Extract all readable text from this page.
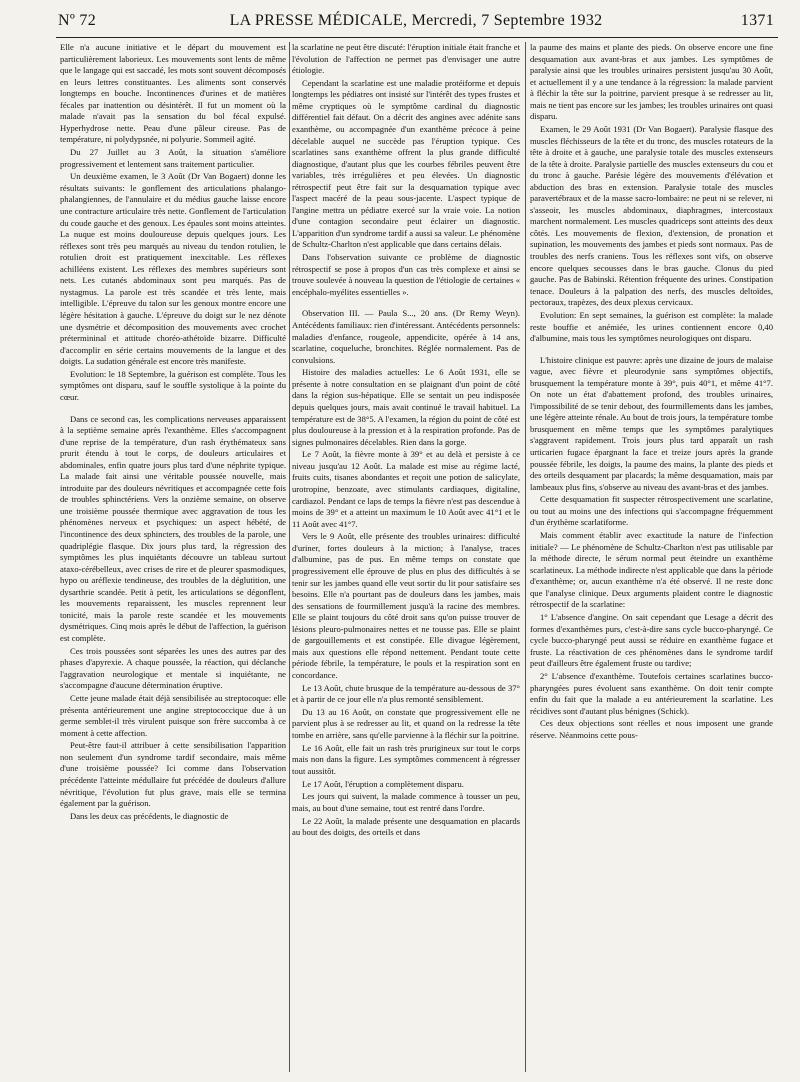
Nº 72	LA PRESSE MÉDICALE, Mercredi, 7 Septembre 1932	1371

Elle n'a aucune initiative et le départ du mouvement est particulièrement laborieux. Les mouvements sont lents de même que le langage qui est saccadé, les mots sont souvent décomposés en leurs lettres constituantes. Les aliments sont conservés longtemps en bouche. Incontinences d'urines et de matières fécales par inattention ou désintérêt. Il fut un moment où la malade n'avait pas la sensation du bol fécal expulsé. Hyperhydrose nette. Peau d'une pâleur cireuse. Pas de température, ni polydypsnée, ni polyurie. Sommeil agité.

Du 27 Juillet au 3 Août, la situation s'améliore progressivement et lentement sans traitement particulier.

Un deuxième examen, le 3 Août (Dr Van Bogaert) donne les résultats suivants: le gonflement des articulations phalango-phalangiennes, de l'annulaire et du médius gauche laisse encore une contracture articulaire très nette. Gonflement de l'articulation du coude gauche et des genoux. Les épaules sont moins atteintes. La nuque est moins douloureuse depuis quelques jours. Les réflexes sont très peu marqués au niveau du tendon rotulien, le rotulien droit est pratiquement inexcitable. Les réflexes achilléens existent. Les réflexes des membres supérieurs sont nets. Les cutanés abdominaux sont peu marqués. Pas de nystagmus. La parole est très scandée et très lente, mais intelligible. L'épreuve du talon sur les genoux montre encore une légère hésitation à gauche. L'épreuve du doigt sur le nez dénote une dysmétrie et décomposition des mouvements avec crochet prétermininal et attitude choréo-athétoïde bizarre. Difficulté d'accomplir en série certains mouvements de la langue et des doigts. La sudation générale est encore très manifeste.

Evolution: le 18 Septembre, la guérison est complète. Tous les symptômes ont disparu, sauf le souffle systolique à la pointe du cœur.

Dans ce second cas, les complications nerveuses apparaissent à la septième semaine après l'exanthème. Elles s'accompagnent d'une reprise de la température, d'un rash érythémateux sans prurit étendu à tout le corps, de douleurs articulaires et abdominales, enfin quatre jours plus tard d'une néphrite typique. La malade fait ainsi une véritable poussée nouvelle, mais introduite par des douleurs névritiques et accompagnée cette fois de troubles sphinctériens. Vers la onzième semaine, on observe une troisième poussée thermique avec aggravation de tous les phénomènes nerveux et psychiques: un aspect hébété, de l'incontinence des deux sphincters, des troubles de la parole, une quadriplégie flasque. Dix jours plus tard, la régression des symptômes les plus inquiétants découvre un tableau surtout ataxo-cérébelleux, avec crises de rire et de pleurer spasmodiques, hypo ou aréflexie tendineuse, des troubles de la déglutition, une dysarthrie scandée. Petit à petit, les articulations se dégonflent, les mouvements reparaissent, les muscles reprennent leur tonicité, mais la parole reste scandée et les mouvements dysmétriques. Cinq mois après le début de l'affection, la guérison est complète.

Ces trois poussées sont séparées les unes des autres par des phases d'apyrexie. A chaque poussée, la réaction, qui déclanche l'aggravation neurologique et mentale si inquiétante, ne s'accompagne d'aucune détermination éruptive.

Cette jeune malade était déjà sensibilisée au streptocoque: elle présenta antérieurement une angine streptococcique due à un germe semblet-il très virulent puisque son frère succomba à ce moment à cette affection.

Peut-être faut-il attribuer à cette sensibilisation l'apparition non seulement d'un syndrome tardif secondaire, mais même d'une troisième poussée? Ici comme dans l'observation précédente l'atteinte médullaire fut précédée de douleurs d'allure névritique, l'évolution fut plus grave, mais elle se termina également par la guérison.

Dans les deux cas précédents, le diagnostic de

la scarlatine ne peut être discuté: l'éruption initiale était franche et l'évolution de l'affection ne permet pas d'envisager une autre étiologie.

Cependant la scarlatine est une maladie protéiforme et depuis longtemps les pédiatres ont insisté sur l'intérêt des types frustes et même cryptiques où le symptôme cardinal du diagnostic différentiel fait défaut. On a décrit des angines avec adénite sans exanthème, ou accompagnée d'un exanthème précoce à peine décelable auquel ne succède pas l'éruption typique. Ces scarlatines sans exanthème offrent la plus grande difficulté diagnostique, d'autant plus que les courbes fébriles peuvent être variables, très irrégulières et peu élevées. Un diagnostic rétrospectif peut être fait sur la desquamation typique avec l'aspect macéré de la peau sous-jacente. L'aspect typique de l'angine mettra un pédiatre exercé sur la vraie voie. La notion d'une contagion secondaire peut éclairer un diagnostic. L'apparition d'un syndrome tardif a aussi sa valeur. Le phénomène de Schultz-Charlton n'est applicable que dans certains délais.

Dans l'observation suivante ce problème de diagnostic rétrospectif se pose à propos d'un cas très complexe et ainsi se trouve soulevée à nouveau la question de l'étiologie de certaines « encéphalo-myélites essentielles ».

Observation III. — Paula S..., 20 ans. (Dr Remy Weyn). Antécédents familiaux: rien d'intéressant. Antécédents personnels: maladies d'enfance, rougeole, appendicite, opérée à 14 ans, scarlatine, coqueluche, bronchites. Réglée normalement. Pas de convulsions.

Histoire des maladies actuelles: Le 6 Août 1931, elle se présente à notre consultation en se plaignant d'un point de côté dans la région sus-hépatique. Elle se sentait un peu indisposée depuis quelques jours, mais avait continué le travail habituel. La température est de 38°5. A l'examen, la région du point de côté est plus douloureuse à la pression et à la respiration profonde. Pas de signes pulmonaires décelables. Rien dans la gorge.

Le 7 Août, la fièvre monte à 39° et au delà et persiste à ce niveau jusqu'au 12 Août. La malade est mise au régime lacté, fruits cuits, tisanes abondantes et reçoit une potion de salicylate, urotropine, benzoate, avec stimulants cardiaques, digitaline, cardiazol. Pendant ce laps de temps la fièvre n'est pas descendue à moins de 39° et a atteint un maximum le 10 Août avec 41°1 et le 11 Août avec 41°7.

Vers le 9 Août, elle présente des troubles urinaires: difficulté d'uriner, fortes douleurs à la miction; à l'analyse, traces d'albumine, pas de pus. En même temps on constate que progressivement elle éprouve de plus en plus des difficultés à se tenir sur les jambes quand elle veut sortir du lit pour satisfaire ses besoins. Elle n'a pourtant pas de douleurs dans les jambes, mais des sensations de fourmillement jusqu'à la racine des membres. Elle se plaint toujours du côté droit sans qu'on puisse trouver de lésions pleuro-pulmonaires nettes et ne tousse pas. Elle se plaint de gargouillements et est constipée. Elle divague légèrement, mais aux questions elle répond nettement. Pendant toute cette période fébrile, la température, le pouls et la respiration sont en concordance.

Le 13 Août, chute brusque de la température au-dessous de 37° et à partir de ce jour elle n'a plus remonté sensiblement.

Du 13 au 16 Août, on constate que progressivement elle ne parvient plus à se redresser au lit, et quand on la redresse la tête tombe en arrière, sans qu'elle parvienne à la fléchir sur la poitrine.

Le 16 Août, elle fait un rash très prurigineux sur tout le corps mais non dans la figure. Les symptômes commencent à régresser tout aussitôt.

Le 17 Août, l'éruption a complètement disparu.

Les jours qui suivent, la malade commence à tousser un peu, mais, au bout d'une semaine, tout est rentré dans l'ordre.

Le 22 Août, la malade présente une desquamation en placards au bout des doigts, des orteils et dans

la paume des mains et plante des pieds. On observe encore une fine desquamation aux avant-bras et aux jambes. Les symptômes de paralysie ainsi que les troubles urinaires persistent jusqu'au 30 Août, et actuellement il y a une tendance à la régression: la malade parvient à fléchir la tête sur la poitrine, parvient presque à se redresser au lit, mais ne tient pas encore sur les jambes; les troubles urinaires ont quasi disparu.

Examen, le 29 Août 1931 (Dr Van Bogaert). Paralysie flasque des muscles fléchisseurs de la tête et du tronc, des muscles rotateurs de la tête à droite et à gauche, une paralysie totale des muscles extenseurs de la tête à droite. Paralysie partielle des muscles extenseurs du cou et du tronc à gauche. Parésie légère des mouvements d'élévation et abduction des bras en extension. Paralysie totale des muscles paravertébraux et de la masse sacro-lombaire: ne peut ni se relever, ni s'asseoir, les muscles abdominaux, diaphragmes, intercostaux marchent normalement. Les muscles quadriceps sont atteints des deux côtés. Les mouvements de flexion, d'extension, de pronation et supination, les mouvements des jambes et pieds sont normaux. Pas de troubles des nerfs craniens. Tous les réflexes sont vifs, on observe encore quelques secousses dans le bras gauche. Clonus du pied gauche. Pas de Babinski. Rétention fréquente des urines. Constipation tenace. Douleurs à la palpation des nerfs, des muscles deltoïdes, pectoraux, trapèzes, des deux plexus cervicaux.

Evolution: En sept semaines, la guérison est complète: la malade reste bouffie et anémiée, les urines contiennent encore 0,40 d'albumine, mais tous les symptômes neurologiques ont disparu.

L'histoire clinique est pauvre: après une dizaine de jours de malaise vague, avec fièvre et pleurodynie sans symptômes objectifs, brusquement la température monte à 39°, puis 40°1, et même 41°7. On note un état d'abattement profond, des troubles urinaires, l'impossibilité de se tenir debout, des fourmillements dans les jambes, une légère atteinte rénale. Au bout de trois jours, la température tombe brusquement en même temps que les symptômes paralytiques s'aggravent rapidement. Trois jours plus tard apparaît un rash urticarien fugace épargnant la face et treize jours après la grande poussée fébrile, les doigts, la paume des mains, la plante des pieds et des orteils desquament par placards; la même desquamation, mais par lambeaux plus fins, s'observe au niveau des avant-bras et des jambes.

Cette desquamation fit suspecter rétrospectivement une scarlatine, ou tout au moins une des infections qui s'accompagne fréquemment d'un érythème scarlatiforme.

Mais comment établir avec exactitude la nature de l'infection initiale? — Le phénomène de Schultz-Charlton n'est pas utilisable par la méthode directe, le sérum normal peut éteindre un exanthème scarlatineux. La méthode indirecte n'est applicable que dans la période d'exanthème; or, aucun exanthème n'a été observé. Il ne reste donc que l'analyse clinique. Deux arguments plaident contre le diagnostic rétrospectif de la scarlatine:

1° L'absence d'angine. On sait cependant que Lesage a décrit des formes d'exanthèmes purs, c'est-à-dire sans cycle bucco-pharyngé. Ce cycle bucco-pharyngé peut aussi se réduire en exanthème fugace et fruste. La réactivation de ces phénomènes dans le syndrome tardif peut d'ailleurs être également fruste ou tardive;

2° L'absence d'exanthème. Toutefois certaines scarlatines bucco-pharyngées pures évoluent sans exanthème. On doit tenir compte enfin du fait que la malade a eu antérieurement la scarlatine. Les récidives sont d'autant plus bénignes (Schick).

Ces deux objections sont réelles et nous imposent une grande réserve. Néanmoins cette pous-
